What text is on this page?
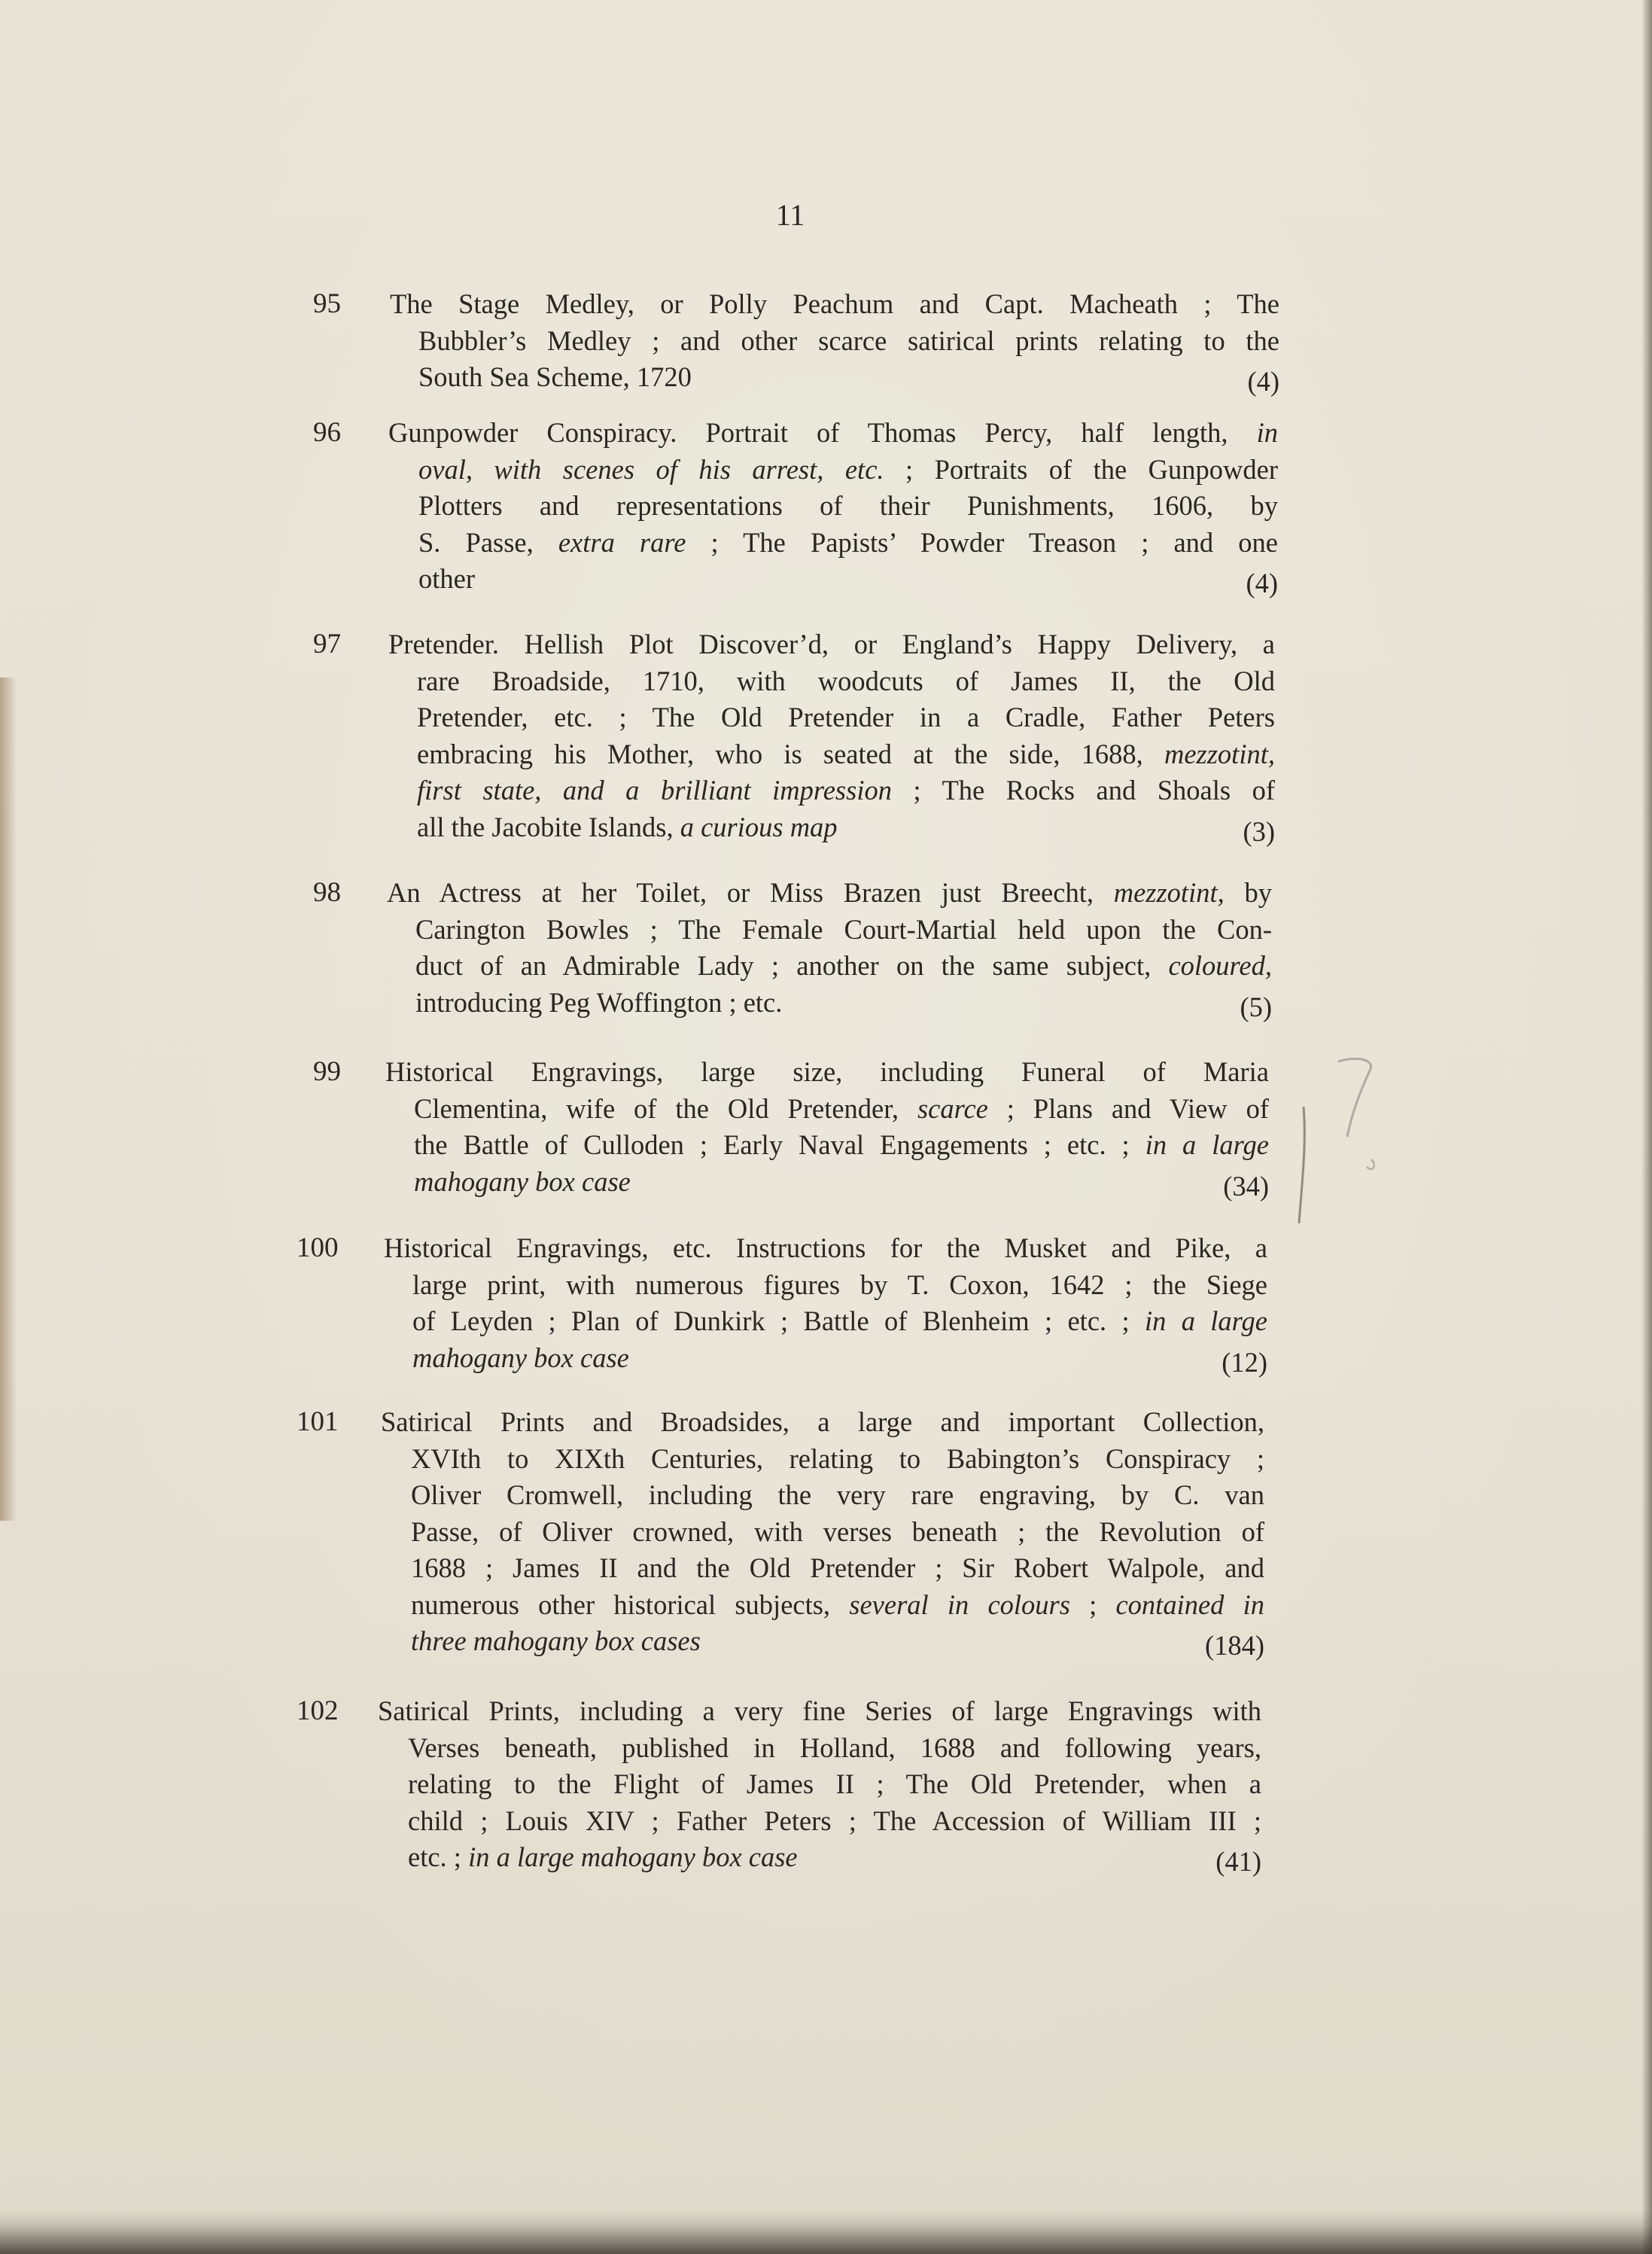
11
95	The Stage Medley, or Polly Peachum and Capt. Macheath ; The
Bubbler’s Medley ; and other scarce satirical prints relating to the
South Sea Scheme, 1720	(4)
96	Gunpowder Conspiracy. Portrait of Thomas Percy, half length, in
oval, with scenes of his arrest, etc. ; Portraits of the Gunpowder
Plotters and representations of their Punishments, 1606, by
S. Passe, extra rare ; The Papists’ Powder Treason ; and one
other	(4)
97	Pretender. Hellish Plot Discover’d, or England’s Happy Delivery, a
rare Broadside, 1710, with woodcuts of James II, the Old
Pretender, etc. ; The Old Pretender in a Cradle, Father Peters
embracing his Mother, who is seated at the side, 1688, mezzotint,
first state, and a brilliant impression ; The Rocks and Shoals of
all the Jacobite Islands, a curious map	(3)
98	An Actress at her Toilet, or Miss Brazen just Breecht, mezzotint, by
Carington Bowles ; The Female Court-Martial held upon the Con-
duct of an Admirable Lady ; another on the same subject, coloured,
introducing Peg Woffington ; etc.	(5)
99	Historical Engravings, large size, including Funeral of Maria
Clementina, wife of the Old Pretender, scarce ; Plans and View of
the Battle of Culloden ; Early Naval Engagements ; etc. ; in a large
mahogany box case	(34)
100 Historical Engravings, etc. Instructions for the Musket and Pike, a
large print, with numerous figures by T. Coxon, 1642 ; the Siege
of Leyden ; Plan of Dunkirk ; Battle of Blenheim ; etc. ; in a large
mahogany box case	(12)
101 Satirical Prints and Broadsides, a large and important Collection,
XVIth to XIXth Centuries, relating to Babington’s Conspiracy ;
Oliver Cromwell, including the very rare engraving, by C. van
Passe, of Oliver crowned, with verses beneath ; the Revolution of
1688 ; James II and the Old Pretender ; Sir Robert Walpole, and
numerous other historical subjects, several in colours ; contained in
three mahogany box cases	(184)
102 Satirical Prints, including a very fine Series of large Engravings with
Verses beneath, published in Holland, 1688 and following years,
relating to the Flight of James II ; The Old Pretender, when a
child ; Louis XIV ; Father Peters ; The Accession of William III ;
etc. ; in a large mahogany box case	(41)
